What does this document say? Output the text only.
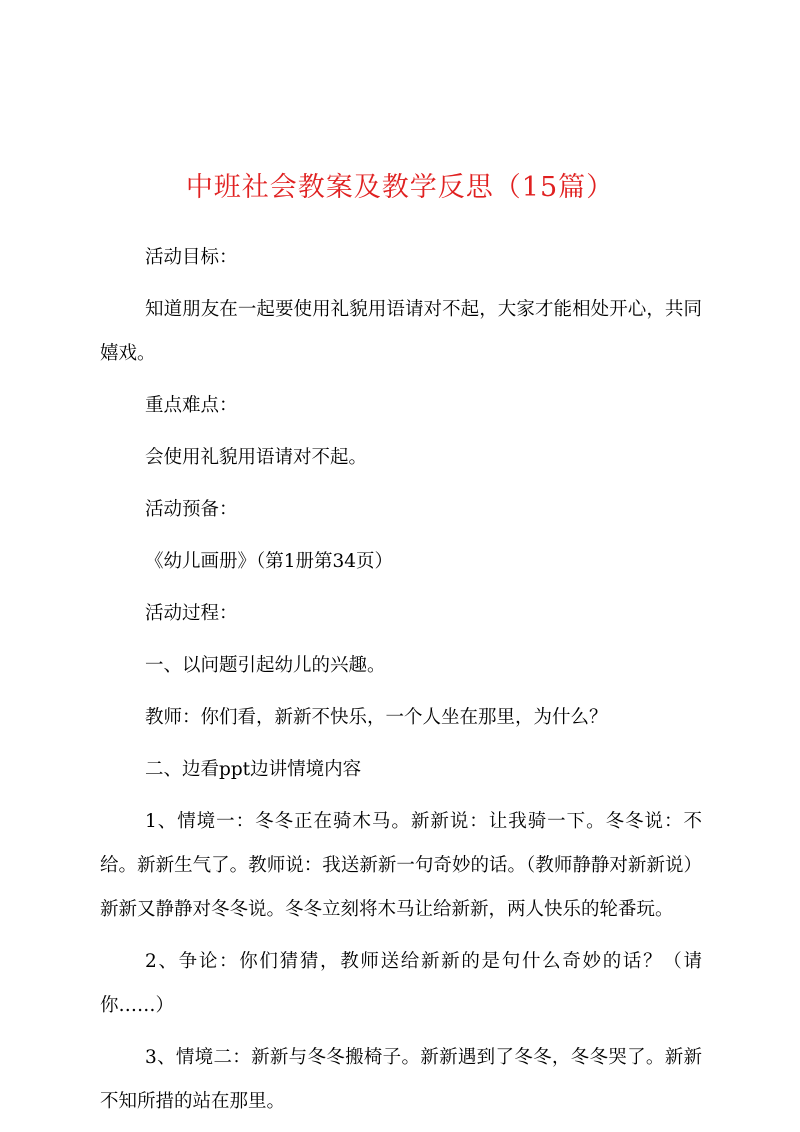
中班社会教案及教学反思（15篇）

活动目标：

知道朋友在一起要使用礼貌用语请对不起，大家才能相处开心，共同嬉戏。

重点难点：

会使用礼貌用语请对不起。

活动预备：

《幼儿画册》（第1册第34页）

活动过程：

一、以问题引起幼儿的兴趣。

教师：你们看，新新不快乐，一个人坐在那里，为什么？

二、边看ppt边讲情境内容

1、情境一：冬冬正在骑木马。新新说：让我骑一下。冬冬说：不给。新新生气了。教师说：我送新新一句奇妙的话。（教师静静对新新说）新新又静静对冬冬说。冬冬立刻将木马让给新新，两人快乐的轮番玩。

2、争论：你们猜猜，教师送给新新的是句什么奇妙的话？（请你……）

3、情境二：新新与冬冬搬椅子。新新遇到了冬冬，冬冬哭了。新新不知所措的站在那里。
